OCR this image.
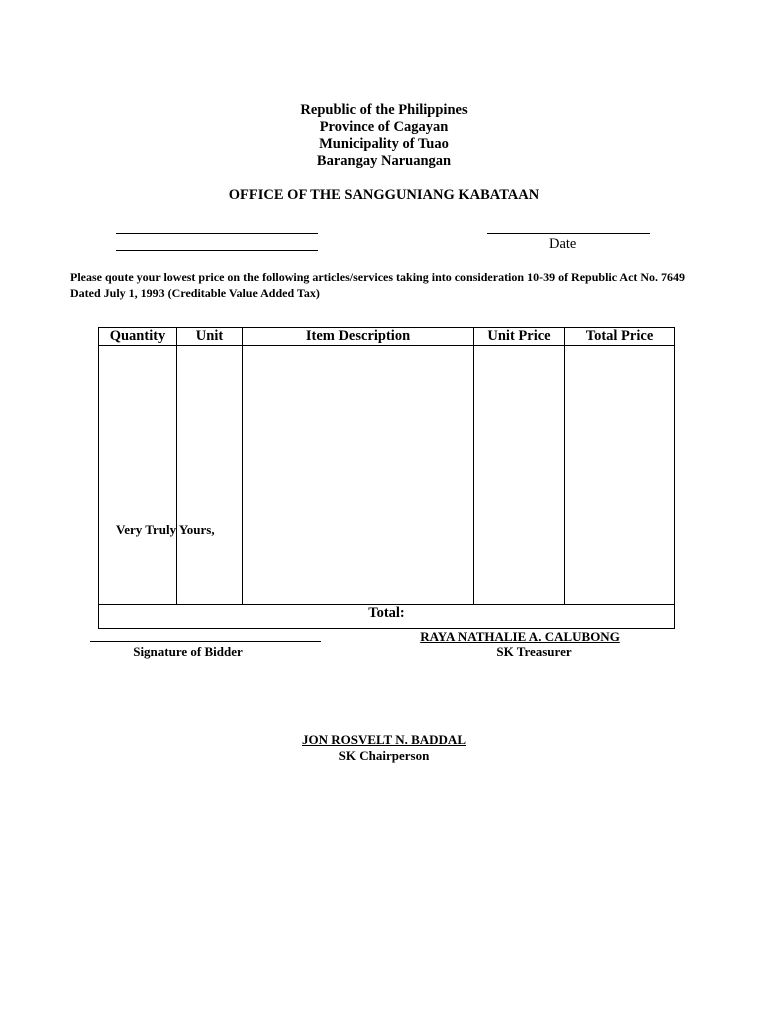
Republic of the Philippines
Province of Cagayan
Municipality of Tuao
Barangay Naruangan
OFFICE OF THE SANGGUNIANG KABATAAN
Date
Please qoute your lowest price on the following articles/services taking into consideration 10-39 of Republic Act No. 7649 Dated July 1, 1993 (Creditable Value Added Tax)
Quantity	Unit	Item Description	Unit Price	Total Price

Total:				
Very Truly Yours,
Signature of Bidder
RAYA NATHALIE A. CALUBONG
SK Treasurer
JON ROSVELT N. BADDAL
SK Chairperson
